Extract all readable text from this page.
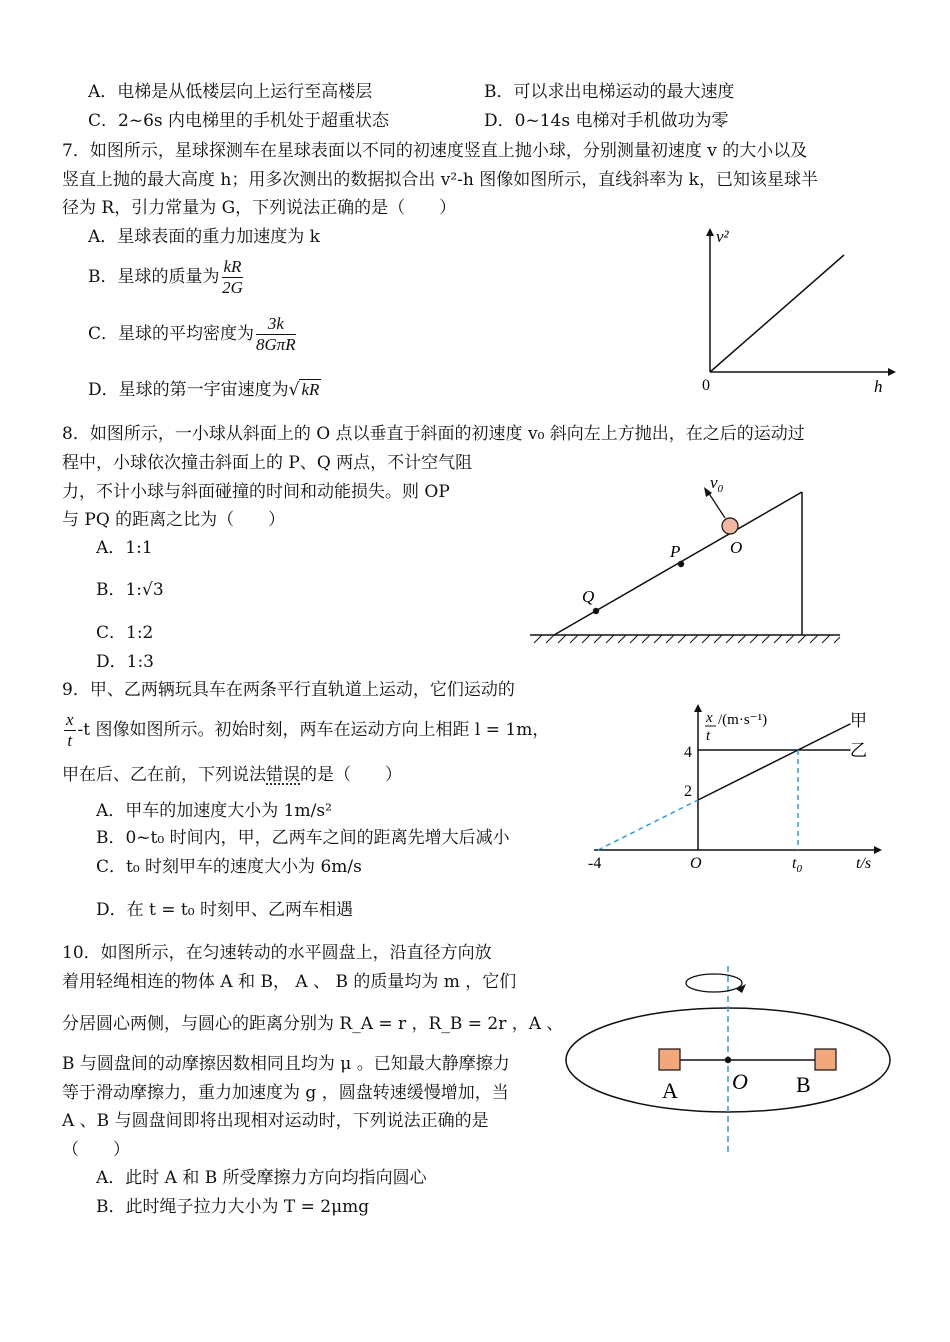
A．电梯是从低楼层向上运行至高楼层	B．可以求出电梯运动的最大速度
C．2~6s 内电梯里的手机处于超重状态	D．0~14s 电梯对手机做功为零
7．如图所示，星球探测车在星球表面以不同的初速度竖直上抛小球，分别测量初速度 v 的大小以及
竖直上抛的最大高度 h；用多次测出的数据拟合出 v²-h 图像如图所示，直线斜率为 k，已知该星球半
径为 R，引力常量为 G，下列说法正确的是（　　）
A．星球表面的重力加速度为 k
B．星球的质量为 $\frac{kR}{2G}$
C．星球的平均密度为 $\frac{3k}{\text{8GπR}}$
D．星球的第一宇宙速度为√ kR
v²
h
0
8．如图所示，一小球从斜面上的 O 点以垂直于斜面的初速度 v₀ 斜向左上方抛出，在之后的运动过
程中，小球依次撞击斜面上的 P、Q 两点，不计空气阻
力，不计小球与斜面碰撞的时间和动能损失。则 OP
与 PQ 的距离之比为（　　）
A．1:1
B．1:√3
C．1:2
D．1:3
$v_0$
O
P
Q
9．甲、乙两辆玩具车在两条平行直轨道上运动，它们运动的
$\frac{x}{t} -t$ 图像如图所示。初始时刻，两车在运动方向上相距 l = 1m，
甲在后、乙在前，下列说法错误的是（　　）
A．甲车的加速度大小为 1m/s²
B．0~t₀ 时间内，甲，乙两车之间的距离先增大后减小
C．t₀ 时刻甲车的速度大小为 6m/s
D．在 t = t₀ 时刻甲、乙两车相遇
x
t
/(m·s⁻¹)	甲
乙
4
2
-4	O	$t_0$	t/s
10．如图所示，在匀速转动的水平圆盘上，沿直径方向放
着用轻绳相连的物体 A 和 B， A 、 B 的质量均为 m ，它们
分居圆心两侧，与圆心的距离分别为 R_A = r ，R_B = 2r ，A 、
B 与圆盘间的动摩擦因数相同且均为 μ 。已知最大静摩擦力
等于滑动摩擦力，重力加速度为 g ，圆盘转速缓慢增加，当
A 、B 与圆盘间即将出现相对运动时，下列说法正确的是
（　　）
A．此时 A 和 B 所受摩擦力方向均指向圆心
B．此时绳子拉力大小为 T = 2μmg
A O B
